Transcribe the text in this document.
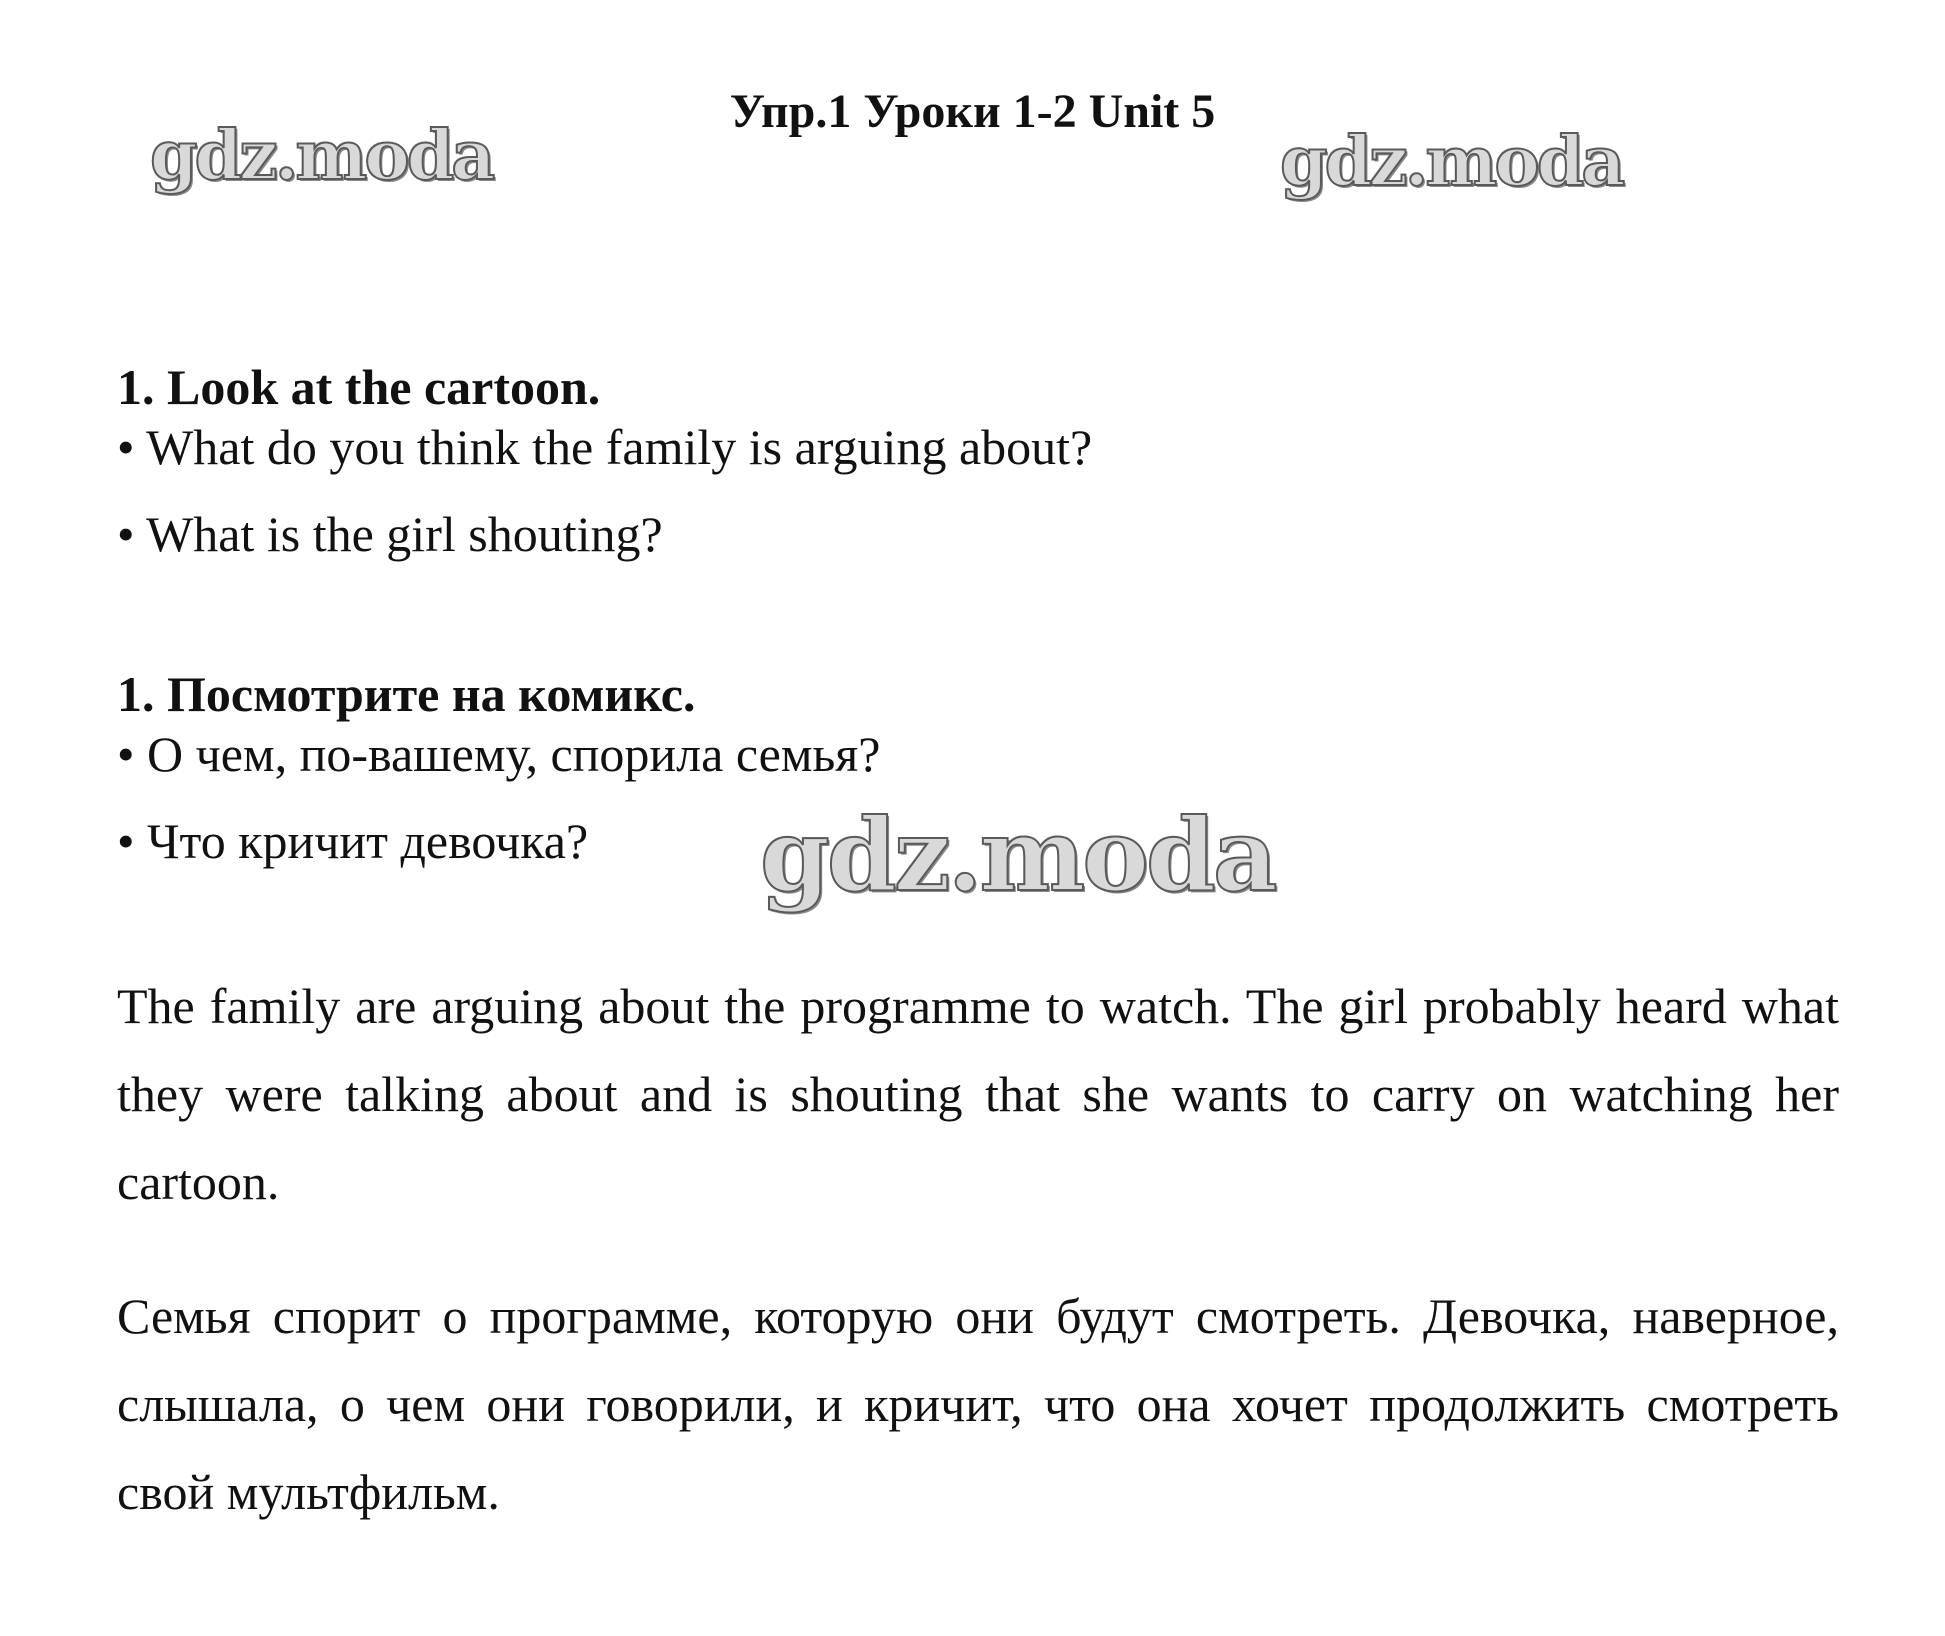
Упр.1 Уроки 1-2 Unit 5
gdz.moda	gdz.moda

1. Look at the cartoon.

• What do you think the family is arguing about?

• What is the girl shouting?

1. Посмотрите на комикс.

• О чем, по-вашему, спорила семья?

• Что кричит девочка?	gdz.moda

The family are arguing about the programme to watch. The girl probably heard what they were talking about and is shouting that she wants to carry on watching her cartoon.

Семья спорит о программе, которую они будут смотреть. Девочка, наверное, слышала, о чем они говорили, и кричит, что она хочет продолжить смотреть свой мультфильм.
